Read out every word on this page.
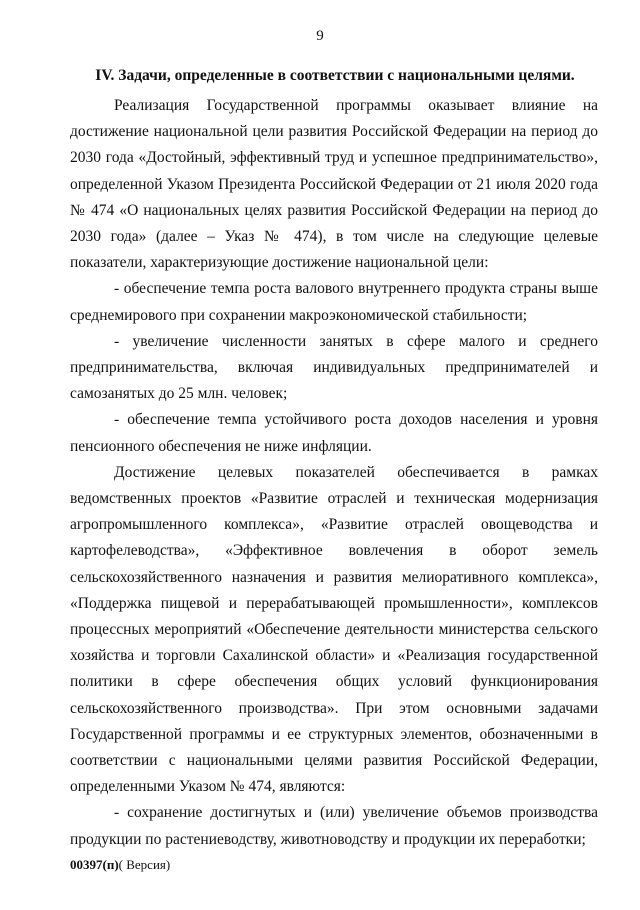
9
IV. Задачи, определенные в соответствии с национальными целями.

Реализация Государственной программы оказывает влияние на достижение национальной цели развития Российской Федерации на период до 2030 года «Достойный, эффективный труд и успешное предпринимательство», определенной Указом Президента Российской Федерации от 21 июля 2020 года № 474 «О национальных целях развития Российской Федерации на период до 2030 года» (далее – Указ № 474), в том числе на следующие целевые показатели, характеризующие достижение национальной цели:

- обеспечение темпа роста валового внутреннего продукта страны выше среднемирового при сохранении макроэкономической стабильности;

- увеличение численности занятых в сфере малого и среднего предпринимательства, включая индивидуальных предпринимателей и самозанятых до 25 млн. человек;

- обеспечение темпа устойчивого роста доходов населения и уровня пенсионного обеспечения не ниже инфляции.

Достижение целевых показателей обеспечивается в рамках ведомственных проектов «Развитие отраслей и техническая модернизация агропромышленного комплекса», «Развитие отраслей овощеводства и картофелеводства», «Эффективное вовлечения в оборот земель сельскохозяйственного назначения и развития мелиоративного комплекса», «Поддержка пищевой и перерабатывающей промышленности», комплексов процессных мероприятий «Обеспечение деятельности министерства сельского хозяйства и торговли Сахалинской области» и «Реализация государственной политики в сфере обеспечения общих условий функционирования сельскохозяйственного производства». При этом основными задачами Государственной программы и ее структурных элементов, обозначенными в соответствии с национальными целями развития Российской Федерации, определенными Указом № 474, являются:

- сохранение достигнутых и (или) увеличение объемов производства продукции по растениеводству, животноводству и продукции их переработки;

00397(п)( Версия)
